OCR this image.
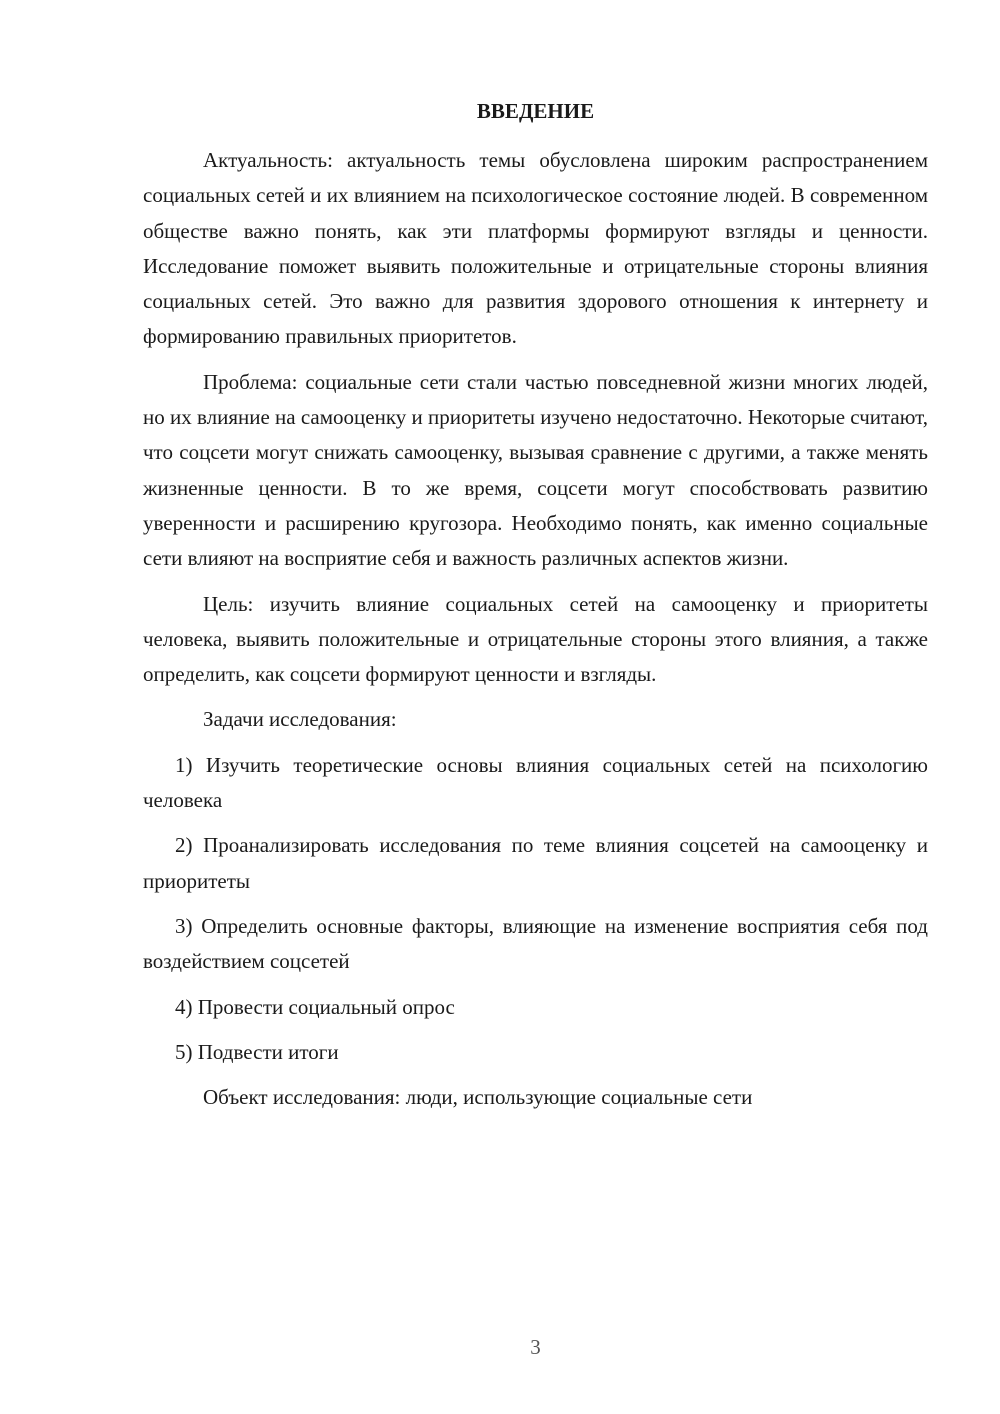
ВВЕДЕНИЕ

Актуальность: актуальность темы обусловлена широким распространением социальных сетей и их влиянием на психологическое состояние людей. В современном обществе важно понять, как эти платформы формируют взгляды и ценности. Исследование поможет выявить положительные и отрицательные стороны влияния социальных сетей. Это важно для развития здорового отношения к интернету и формированию правильных приоритетов.

Проблема: социальные сети стали частью повседневной жизни многих людей, но их влияние на самооценку и приоритеты изучено недостаточно. Некоторые считают, что соцсети могут снижать самооценку, вызывая сравнение с другими, а также менять жизненные ценности. В то же время, соцсети могут способствовать развитию уверенности и расширению кругозора. Необходимо понять, как именно социальные сети влияют на восприятие себя и важность различных аспектов жизни.

Цель: изучить влияние социальных сетей на самооценку и приоритеты человека, выявить положительные и отрицательные стороны этого влияния, а также определить, как соцсети формируют ценности и взгляды.

Задачи исследования:

1) Изучить теоретические основы влияния социальных сетей на психологию человека

2) Проанализировать исследования по теме влияния соцсетей на самооценку и приоритеты

3) Определить основные факторы, влияющие на изменение восприятия себя под воздействием соцсетей

4) Провести социальный опрос

5) Подвести итоги

Объект исследования: люди, использующие социальные сети

3
